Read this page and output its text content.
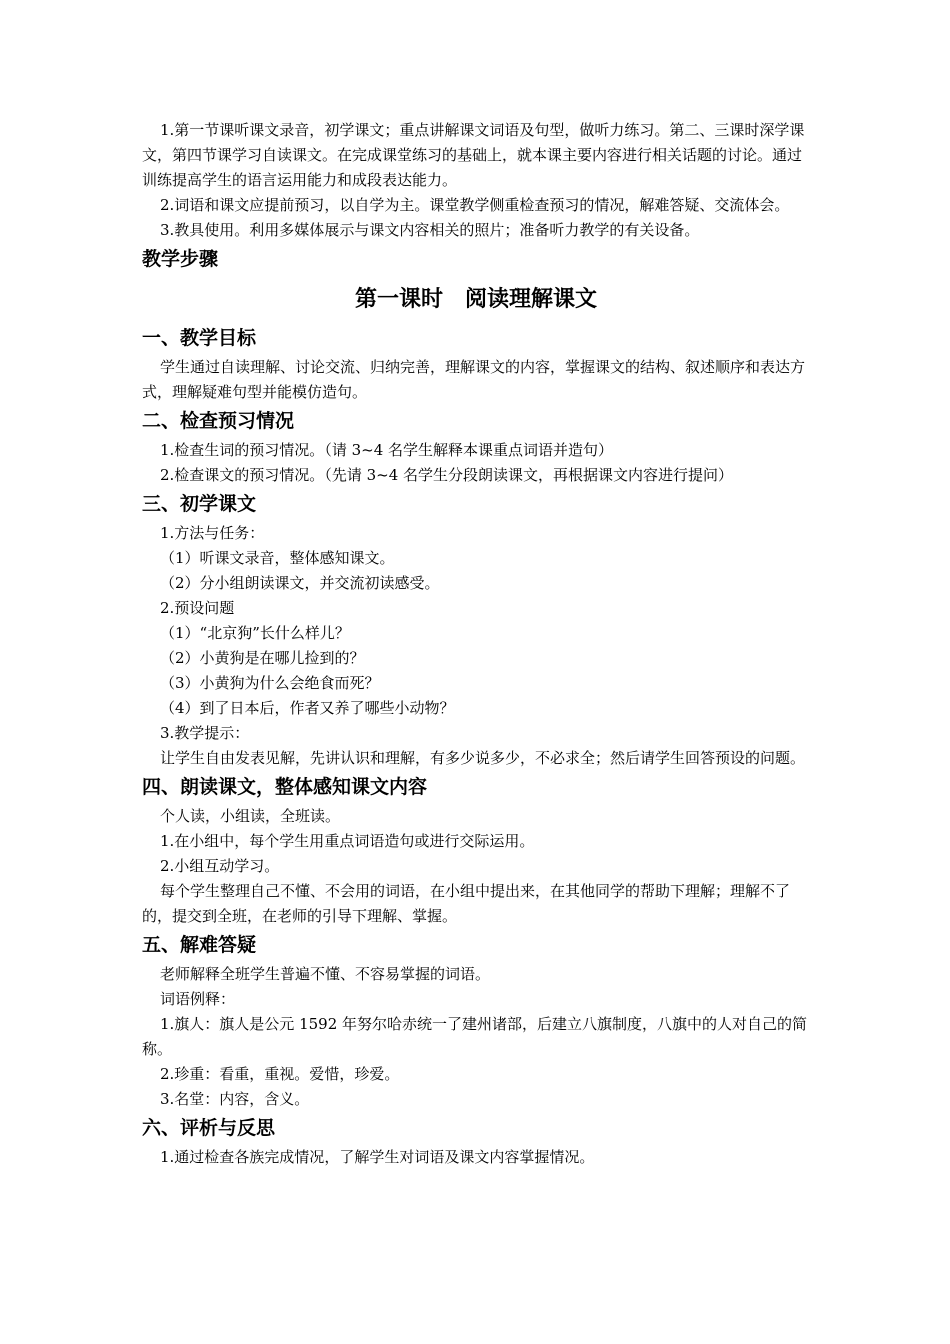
1.第一节课听课文录音，初学课文；重点讲解课文词语及句型，做听力练习。第二、三课时深学课文，第四节课学习自读课文。在完成课堂练习的基础上，就本课主要内容进行相关话题的讨论。通过训练提高学生的语言运用能力和成段表达能力。

2.词语和课文应提前预习，以自学为主。课堂教学侧重检查预习的情况，解难答疑、交流体会。

3.教具使用。利用多媒体展示与课文内容相关的照片；准备听力教学的有关设备。

教学步骤
第一课时　阅读理解课文
一、教学目标

学生通过自读理解、讨论交流、归纳完善，理解课文的内容，掌握课文的结构、叙述顺序和表达方式，理解疑难句型并能模仿造句。

二、检查预习情况

1.检查生词的预习情况。（请 3~4 名学生解释本课重点词语并造句）

2.检查课文的预习情况。（先请 3~4 名学生分段朗读课文，再根据课文内容进行提问）

三、初学课文

1.方法与任务：

（1）听课文录音，整体感知课文。

（2）分小组朗读课文，并交流初读感受。

2.预设问题

（1）“北京狗”长什么样儿？

（2）小黄狗是在哪儿捡到的？

（3）小黄狗为什么会绝食而死？

（4）到了日本后，作者又养了哪些小动物？

3.教学提示：

让学生自由发表见解，先讲认识和理解，有多少说多少，不必求全；然后请学生回答预设的问题。

四、朗读课文，整体感知课文内容

个人读，小组读，全班读。

1.在小组中，每个学生用重点词语造句或进行交际运用。

2.小组互动学习。

每个学生整理自己不懂、不会用的词语，在小组中提出来，在其他同学的帮助下理解；理解不了的，提交到全班，在老师的引导下理解、掌握。

五、解难答疑

老师解释全班学生普遍不懂、不容易掌握的词语。

词语例释：

1.旗人：旗人是公元 1592 年努尔哈赤统一了建州诸部，后建立八旗制度，八旗中的人对自己的简称。

2.珍重：看重，重视。爱惜，珍爱。

3.名堂：内容，含义。

六、评析与反思

1.通过检查各族完成情况，了解学生对词语及课文内容掌握情况。
